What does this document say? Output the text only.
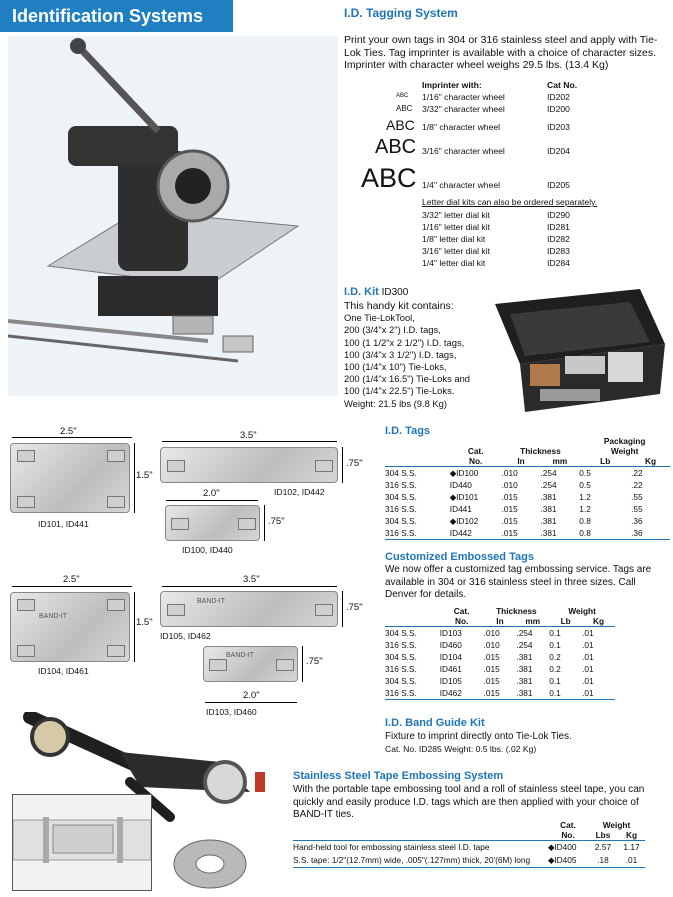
Identification Systems	I.D. Tagging System
Print your own tags in 304 or 316 stainless steel and apply with Tie-Lok Ties. Tag imprinter is available with a choice of character sizes. Imprinter with character wheel weighs 29.5 lbs. (13.4 Kg)
Imprinter with:	Cat No.
ABC 1/16" character wheel	ID202
ABC 3/32" character wheel	ID200
ABC 1/8" character wheel	ID203
ABC 3/16" character wheel	ID204
ABC 1/4" character wheel	ID205
Letter dial kits can also be ordered separately.
3/32" letter dial kit	ID290
1/16" letter dial kit	ID281
1/8" letter dial kit	ID282
3/16" letter dial kit	ID283
1/4" letter dial kit	ID284
I.D. Kit ID300
This handy kit contains:
One Tie-LokTool,
200 (3/4"x 2") I.D. tags,
100 (1 1/2"x 2 1/2") I.D. tags,
100 (3/4"x 3 1/2") I.D. tags,
100 (1/4"x 10") Tie-Loks,
200 (1/4"x 16.5") Tie-Loks and
100 (1/4"x 22.5") Tie-Loks.
Weight: 21.5 lbs (9.8 Kg)
I.D. Tags

				Packaging	
	Cat.	Thickness		Weight	
	No.	In	mm	Lb	Kg
304 S.S.	◆ID100	.010	.254	0.5	.22
316 S.S.	ID440	.010	.254	0.5	.22
304 S.S.	◆ID101	.015	.381	1.2	.55
316 S.S.	ID441	.015	.381	1.2	.55
304 S.S.	◆ID102	.015	.381	0.8	.36
316 S.S.	ID442	.015	.381	0.8	.36
Customized Embossed Tags
We now offer a customized tag embossing service. Tags are available in 304 or 316 stainless steel in three sizes. Call Denver for details.
	Cat.	Thickness		Weight	
	No.	In	mm	Lb	Kg
304 S.S.	ID103	.010	.254	0.1	.01
316 S.S.	ID460	.010	.254	0.1	.01
304 S.S.	ID104	.015	.381	0.2	.01
316 S.S.	ID461	.015	.381	0.2	.01
304 S.S.	ID105	.015	.381	0.1	.01
316 S.S.	ID462	.015	.381	0.1	.01
I.D. Band Guide Kit
Fixture to imprint directly onto Tie-Lok Ties.
Cat. No. ID285 Weight: 0.5 lbs. (.02 Kg)
Stainless Steel Tape Embossing System
With the portable tape embossing tool and a roll of stainless steel tape, you can quickly and easily produce I.D. tags which are then applied with your choice of BAND-IT ties.
	Cat.	Weight	
	No.	Lbs	Kg
Hand-held tool for embossing stainless steel I.D. tape	◆ID400	2.57	1.17
S.S. tape: 1/2"(12.7mm) wide, .005"(.127mm) thick, 20'(6M) long	◆ID405	.18	.01
2.5"
1.5"
ID101, ID441
3.5"
.75"
ID102, ID442
2.0"
.75"
ID100, ID440
2.5"
BAND-IT
1.5"
ID104, ID461
3.5"
BAND-IT
.75"
ID105, ID462
BAND-IT
.75"
2.0"
ID103, ID460
